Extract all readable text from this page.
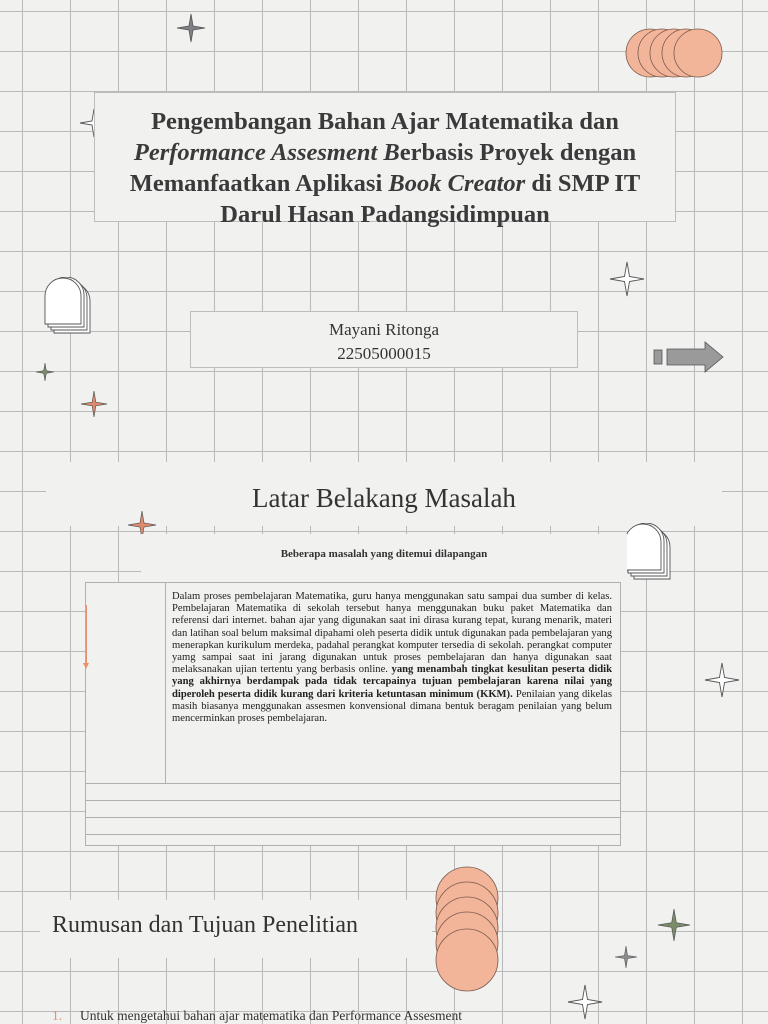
Pengembangan Bahan Ajar Matematika dan
Performance Assesment Berbasis Proyek dengan
Memanfaatkan Aplikasi Book Creator di SMP IT
Darul Hasan Padangsidimpuan
Mayani Ritonga
22505000015
Latar Belakang Masalah
Beberapa masalah yang ditemui dilapangan

Dalam proses pembelajaran Matematika, guru hanya menggunakan satu sampai dua sumber di kelas. Pembelajaran Matematika di sekolah tersebut hanya menggunakan buku paket Matematika dan referensi dari internet. bahan ajar yang digunakan saat ini dirasa kurang tepat, kurang menarik, materi dan latihan soal belum maksimal dipahami oleh peserta didik untuk digunakan pada pembelajaran yang menerapkan kurikulum merdeka, padahal perangkat komputer tersedia di sekolah. perangkat computer yamg sampai saat ini jarang digunakan untuk proses pembelajaran dan hanya digunakan saat melaksanakan ujian tertentu yang berbasis online. yang menambah tingkat kesulitan peserta didik yang akhirnya berdampak pada tidak tercapainya tujuan pembelajaran karena nilai yang diperoleh peserta didik kurang dari kriteria ketuntasan minimum (KKM). Penilaian yang dikelas masih biasanya menggunakan assesmen konvensional dimana bentuk beragam penilaian yang belum mencerminkan proses pembelajaran.

Rumusan dan Tujuan Penelitian
1. Untuk mengetahui bahan ajar matematika dan Performance Assesment
